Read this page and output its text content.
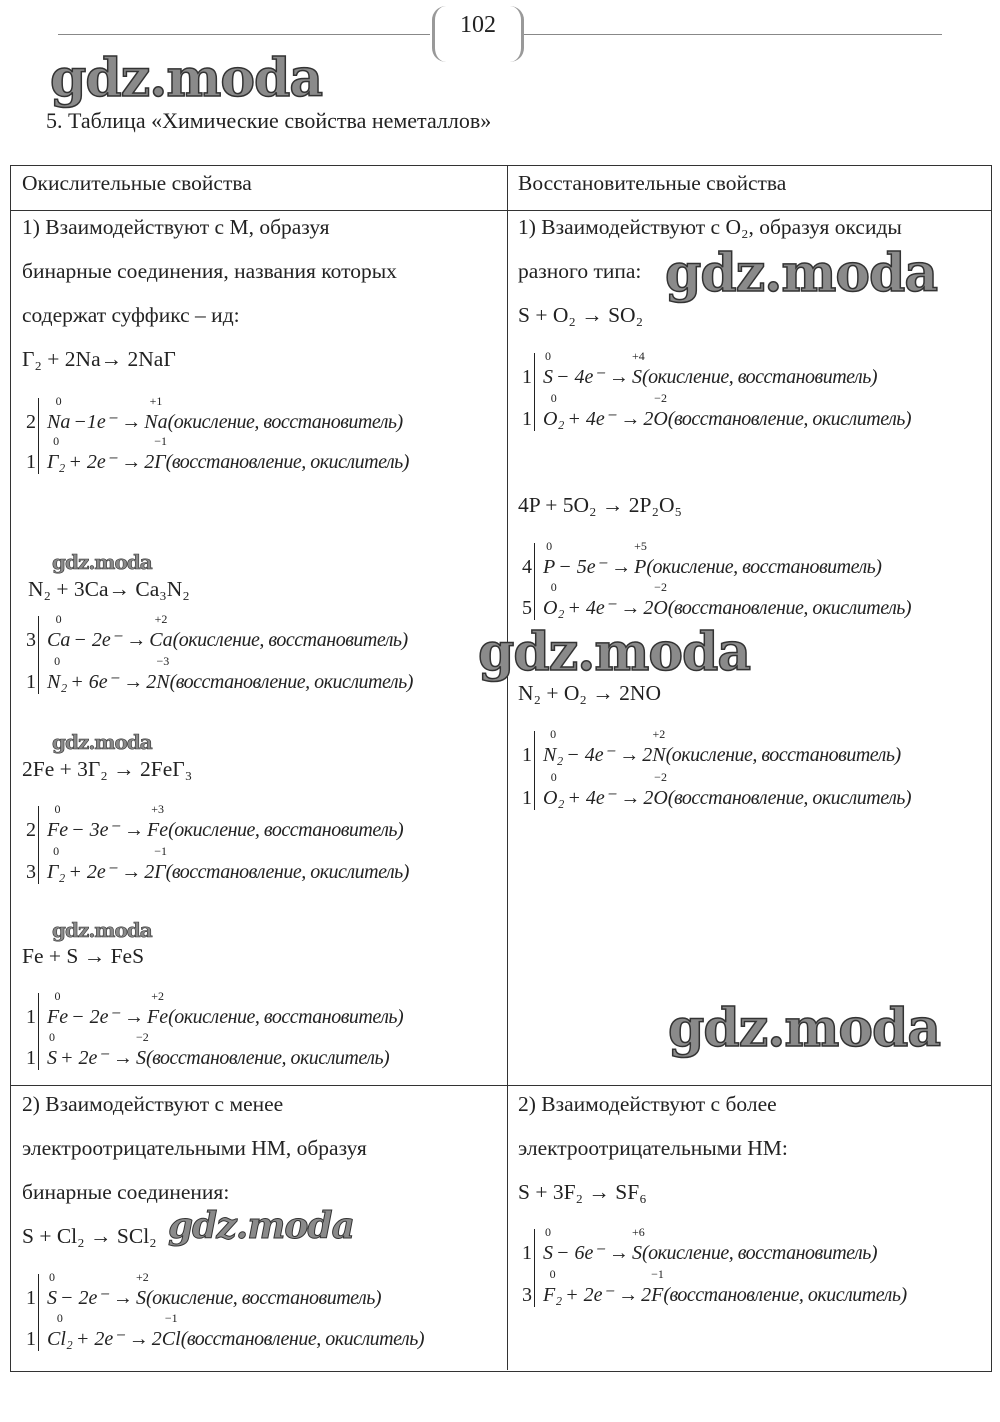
102
5. Таблица «Химические свойства неметаллов»
Окислительные свойства	Восстановительные свойства
1) Взаимодействуют с М, образуя
бинарные соединения, названия которых
содержат суффикс – ид:
Г₂ + 2Na→ 2NaГ
2
0
Na −1e⁻ →
+1
Na (окисление, восстановитель)
1
0
Г₂ + 2e⁻ → 2
−1
Г (восстановление, окислитель)
N₂ + 3Ca→ Ca₃N₂
3
0
Ca − 2e⁻ →
+2
Ca (окисление, восстановитель)
1
0
N₂ + 6e⁻ → 2
−3
N (восстановление, окислитель)
2Fe + 3Г₂ → 2FeГ₃
2
0
Fe − 3e⁻ →
+3
Fe (окисление, восстановитель)
3
0
Г₂ + 2e⁻ → 2
−1
Г (восстановление, окислитель)
Fe + S → FeS
1
0
Fe − 2e⁻ →
+2
Fe (окисление, восстановитель)
1
0
S + 2e⁻ →
−2
S (восстановление, окислитель)
1) Взаимодействуют с O₂, образуя оксиды
разного типа:
S + O₂ → SO₂
1
0
S − 4e⁻ →
+4
S (окисление, восстановитель)
1
0
O₂ + 4e⁻ → 2
−2
O (восстановление, окислитель)
4P + 5O₂ → 2P₂O₅
4
0
P − 5e⁻ →
+5
P (окисление, восстановитель)
5
0
O₂ + 4e⁻ → 2
−2
O (восстановление, окислитель)
N₂ + O₂ → 2NO
1
0
N₂ − 4e⁻ → 2
+2
N (окисление, восстановитель)
1
0
O₂ + 4e⁻ → 2
−2
O (восстановление, окислитель)
2) Взаимодействуют с менее
электроотрицательными НМ, образуя
бинарные соединения:
S + Cl₂ → SCl₂
1
0
S − 2e⁻ →
+2
S (окисление, восстановитель)
1
0
Cl₂ + 2e⁻ → 2
−1
Cl (восстановление, окислитель)
2) Взаимодействуют с более
электроотрицательными НМ:
S + 3F₂ → SF₆
1
0
S − 6e⁻ →
+6
S (окисление, восстановитель)
3
0
F₂ + 2e⁻ → 2
−1
F (восстановление, окислитель)
gdz.moda
gdz.moda
gdz.moda
gdz.moda
gdz.moda
gdz.moda
gdz.moda
gdz.moda
